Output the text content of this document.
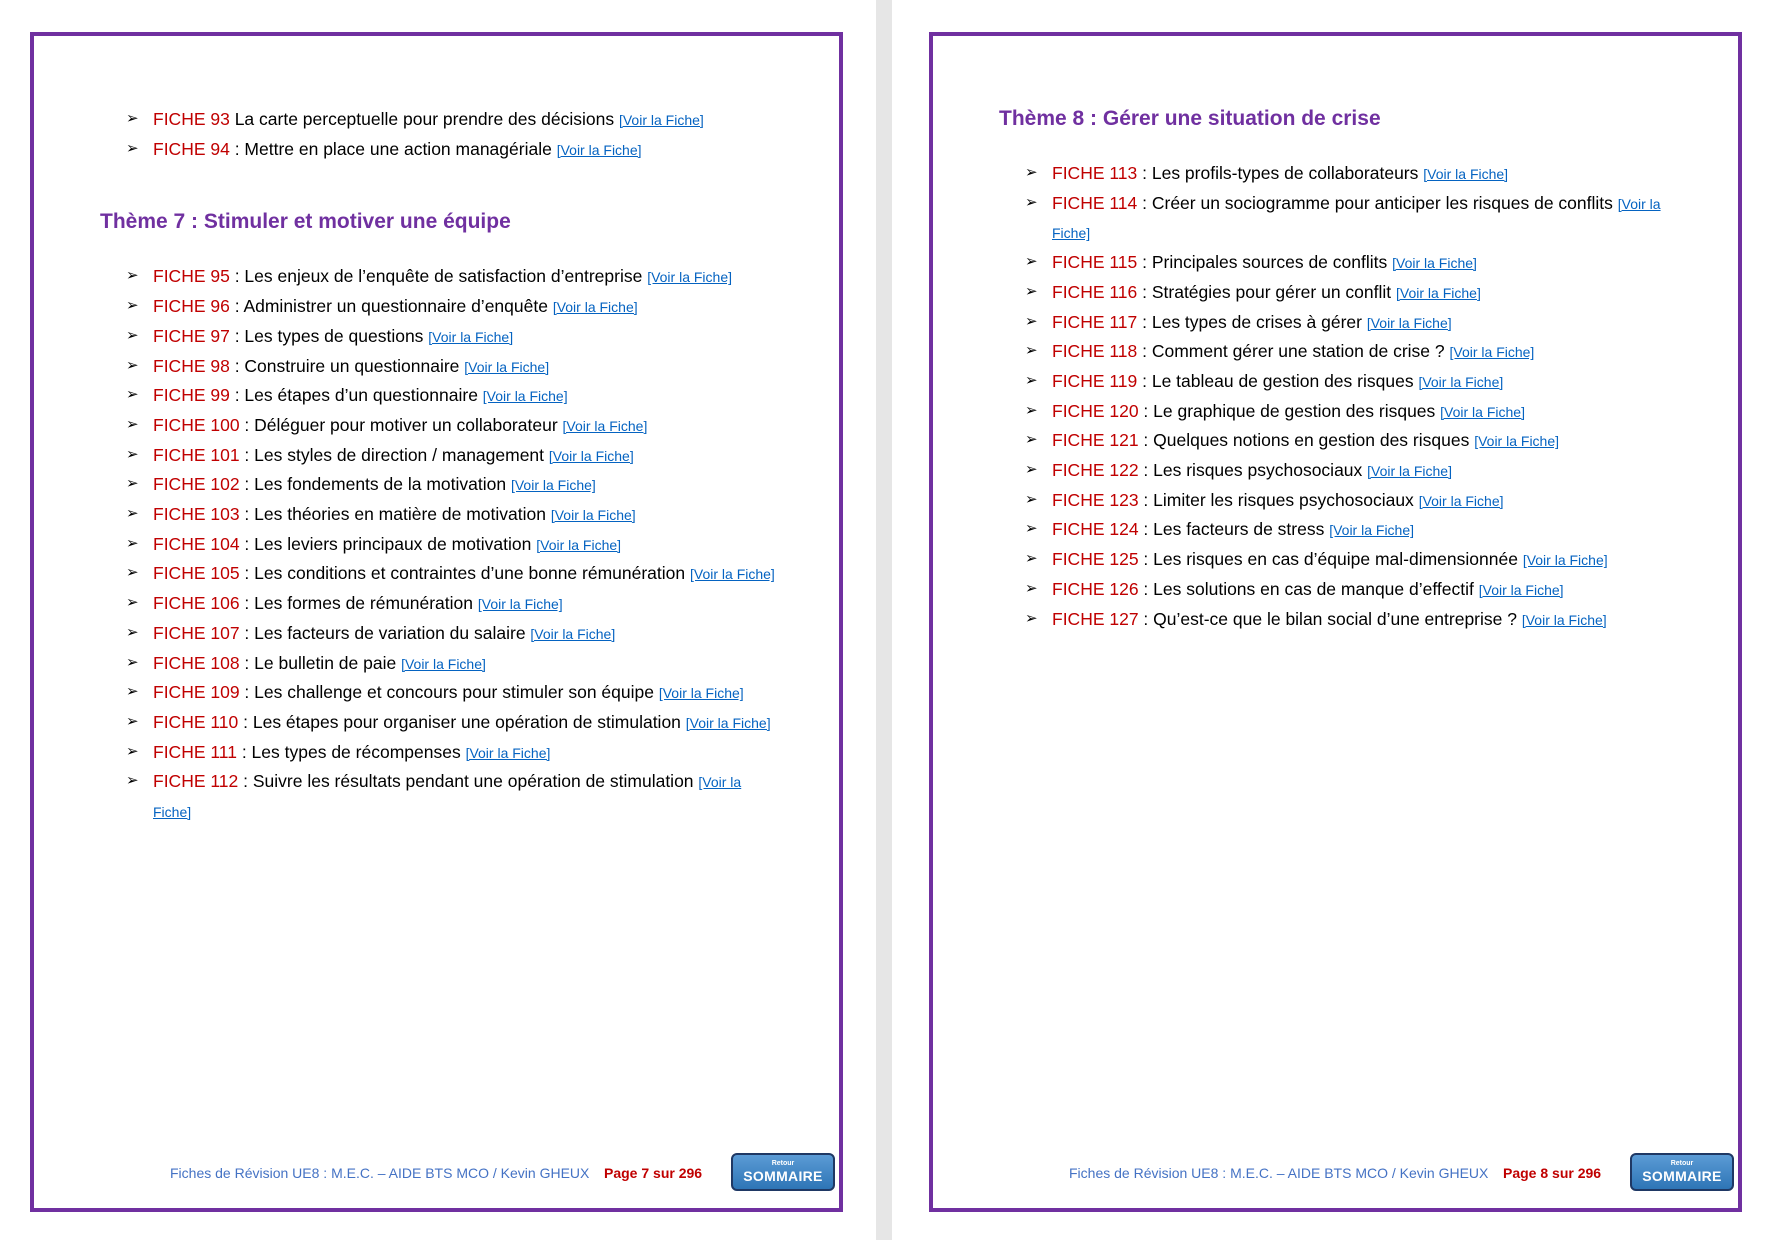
➢ FICHE 93 La carte perceptuelle pour prendre des décisions [Voir la Fiche]
➢ FICHE 94 : Mettre en place une action managériale [Voir la Fiche]
Thème 7 : Stimuler et motiver une équipe
➢ FICHE 95 : Les enjeux de l’enquête de satisfaction d’entreprise [Voir la Fiche]
➢ FICHE 96 : Administrer un questionnaire d’enquête [Voir la Fiche]
➢ FICHE 97 : Les types de questions [Voir la Fiche]
➢ FICHE 98 : Construire un questionnaire [Voir la Fiche]
➢ FICHE 99 : Les étapes d’un questionnaire [Voir la Fiche]
➢ FICHE 100 : Déléguer pour motiver un collaborateur [Voir la Fiche]
➢ FICHE 101 : Les styles de direction / management [Voir la Fiche]
➢ FICHE 102 : Les fondements de la motivation [Voir la Fiche]
➢ FICHE 103 : Les théories en matière de motivation [Voir la Fiche]
➢ FICHE 104 : Les leviers principaux de motivation [Voir la Fiche]
➢ FICHE 105 : Les conditions et contraintes d’une bonne rémunération [Voir la Fiche]
➢ FICHE 106 : Les formes de rémunération [Voir la Fiche]
➢ FICHE 107 : Les facteurs de variation du salaire [Voir la Fiche]
➢ FICHE 108 : Le bulletin de paie [Voir la Fiche]
➢ FICHE 109 : Les challenge et concours pour stimuler son équipe [Voir la Fiche]
➢ FICHE 110 : Les étapes pour organiser une opération de stimulation [Voir la Fiche]
➢ FICHE 111 : Les types de récompenses [Voir la Fiche]
➢ FICHE 112 : Suivre les résultats pendant une opération de stimulation [Voir la Fiche]
Fiches de Révision UE8 : M.E.C. – AIDE BTS MCO / Kevin GHEUX Page 7 sur 296
Retour
SOMMAIRE
Thème 8 : Gérer une situation de crise
➢ FICHE 113 : Les profils-types de collaborateurs [Voir la Fiche]
➢ FICHE 114 : Créer un sociogramme pour anticiper les risques de conflits [Voir la Fiche]
➢ FICHE 115 : Principales sources de conflits [Voir la Fiche]
➢ FICHE 116 : Stratégies pour gérer un conflit [Voir la Fiche]
➢ FICHE 117 : Les types de crises à gérer [Voir la Fiche]
➢ FICHE 118 : Comment gérer une station de crise ? [Voir la Fiche]
➢ FICHE 119 : Le tableau de gestion des risques [Voir la Fiche]
➢ FICHE 120 : Le graphique de gestion des risques [Voir la Fiche]
➢ FICHE 121 : Quelques notions en gestion des risques [Voir la Fiche]
➢ FICHE 122 : Les risques psychosociaux [Voir la Fiche]
➢ FICHE 123 : Limiter les risques psychosociaux [Voir la Fiche]
➢ FICHE 124 : Les facteurs de stress [Voir la Fiche]
➢ FICHE 125 : Les risques en cas d’équipe mal-dimensionnée [Voir la Fiche]
➢ FICHE 126 : Les solutions en cas de manque d’effectif [Voir la Fiche]
➢ FICHE 127 : Qu’est-ce que le bilan social d’une entreprise ? [Voir la Fiche]
Fiches de Révision UE8 : M.E.C. – AIDE BTS MCO / Kevin GHEUX Page 8 sur 296
Retour
SOMMAIRE
